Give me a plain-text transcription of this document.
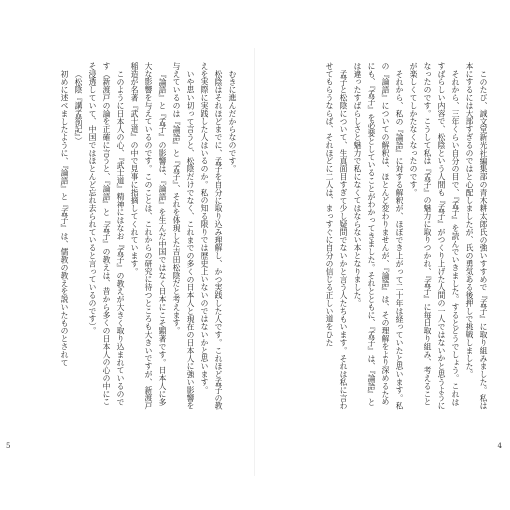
このたび、誠文堂新光社編集部の青木耕太郎氏の強いすすめで『孟子』に取り組みました。私は本にするには大部すぎるのではと心配しましたが、氏の勇気ある後押しで挑戦しました。

それから、三年くらい自分の目で、『孟子』を読んでいきました。するとどうでしょう。これはすばらしい内容で、松陰という人間も『孟子』がつくり上げた人間の一人ではないかと思うようになったのです。こうして私は『孟子』の魅力に取りつかれ、『孟子』に毎日取り組み、考えることが楽しくてしかたなくなったのです。

それから、私の『論語』に対する解釈が、ほぼでき上がって二十年は経っていたと思います。私の『論語』についての解釈は、ほとんど変わりませんが、『論語』は、その理解をより深めるためにも、『孟子』を必要としていることがわかってきました。それとともに、『孟子』は、『論語』とは違ったすばらしさと魅力で私になくてはならない本となりました。

孟子と松陰について、生真面目すぎて少し疑問でないかと言う人たちもいます。それは私に言わせてもらうならば、それほどに二人は、まっすぐに自分の信じる正しい道をひた

4

むきに進んだからなのです。

松陰はそれほどまでに、孟子を自分に取り込み理解し、かつ実践した人です。これほど孟子の教えを実際に実践した人はいるのか。私の知る限りでは歴史上いないのではないかと思います。

いや思い切って言うと、松陰だけでなく、これまでの多くの日本人と現在の日本人に強い影響を与えているのは『論語』と『孟子』、それを体現した吉田松陰だと考えます。

『論語』と『孟子』の影響は、『論語』を生んだ中国ではなく日本にこそ顕著です。日本人に多大な影響を与えているのです。このことは、これからの研究に待つところも大きいですが、新渡戸稲造が名著『武士道』の中で見事に指摘してくれています。

このように日本人の心、『武士道』精神にはなお『孟子』の教えが大きく取り込まれているのです（新渡戸の論を正確に言うと、『論語』と『孟子』の教えは、昔から多くの日本人の心の中にこそ浸透していて、中国ではほとんど忘れ去られていると言っているのです）。

（松陰『講孟箚記』）

初めに述べましたように、『論語』と『孟子』は、儒教の教えを説いたものとされて

5
